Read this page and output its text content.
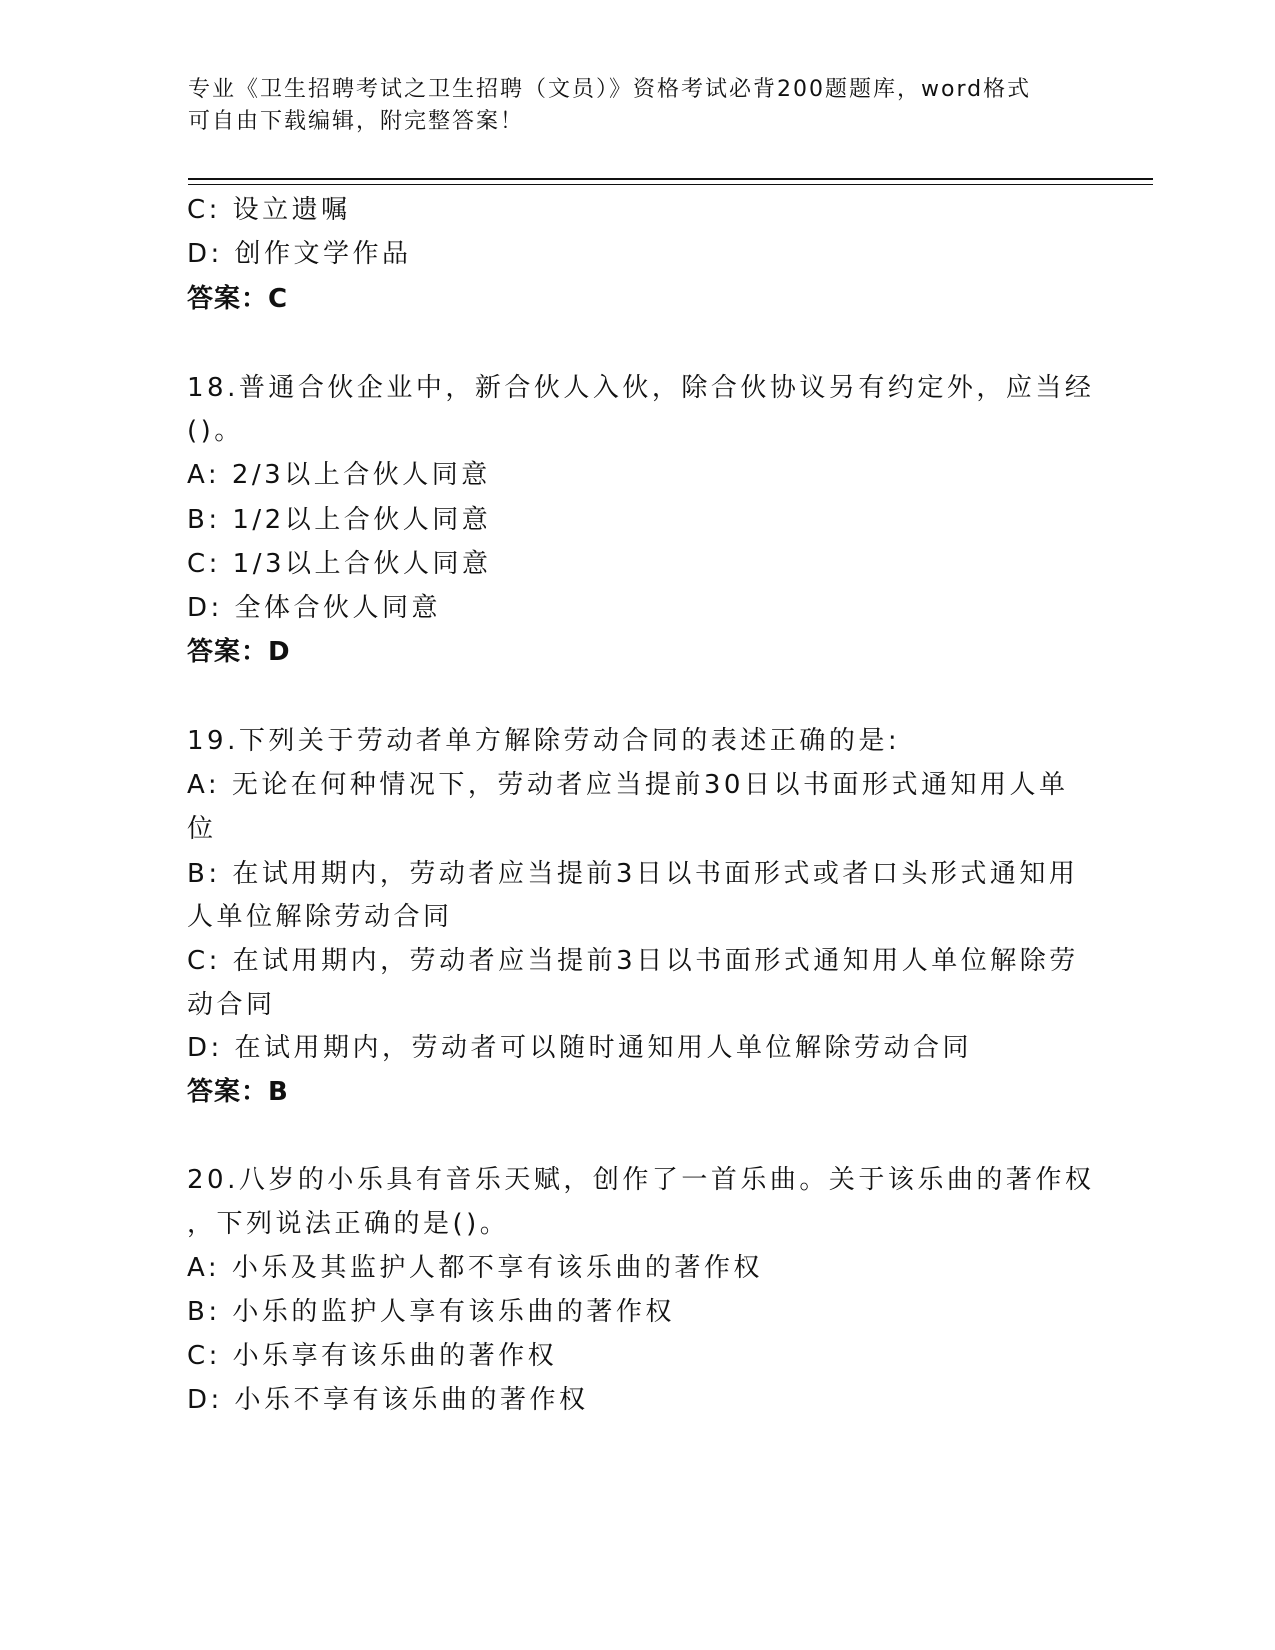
专业《卫生招聘考试之卫生招聘（文员）》资格考试必背200题题库，word格式
可自由下载编辑，附完整答案！
C: 设立遗嘱
D: 创作文学作品
答案：C
18.普通合伙企业中，新合伙人入伙，除合伙协议另有约定外，应当经
()。
A: 2/3以上合伙人同意
B: 1/2以上合伙人同意
C: 1/3以上合伙人同意
D: 全体合伙人同意
答案：D
19.下列关于劳动者单方解除劳动合同的表述正确的是:
A: 无论在何种情况下，劳动者应当提前30日以书面形式通知用人单
位
B: 在试用期内，劳动者应当提前3日以书面形式或者口头形式通知用
人单位解除劳动合同
C: 在试用期内，劳动者应当提前3日以书面形式通知用人单位解除劳
动合同
D: 在试用期内，劳动者可以随时通知用人单位解除劳动合同
答案：B
20.八岁的小乐具有音乐天赋，创作了一首乐曲。关于该乐曲的著作权
，下列说法正确的是()。
A: 小乐及其监护人都不享有该乐曲的著作权
B: 小乐的监护人享有该乐曲的著作权
C: 小乐享有该乐曲的著作权
D: 小乐不享有该乐曲的著作权
